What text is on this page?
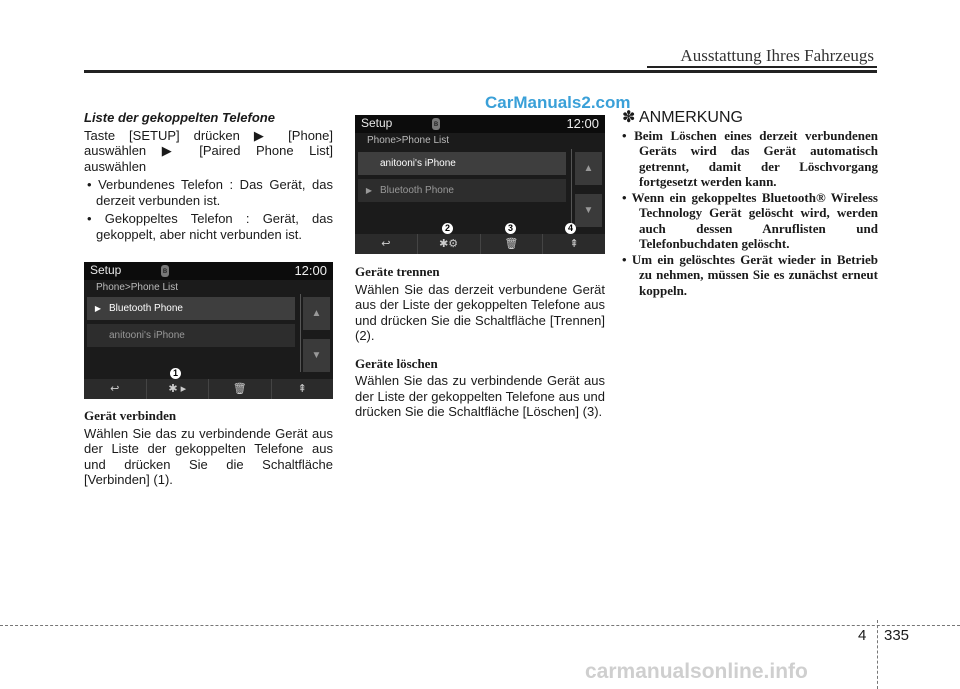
Ausstattung Ihres Fahrzeugs
CarManuals2.com
Liste der gekoppelten Telefone

Taste [SETUP] drücken ▶ [Phone] auswählen ▶ [Paired Phone List] auswählen

• Verbundenes Telefon : Das Gerät, das derzeit verbunden ist.
• Gekoppeltes Telefon : Gerät, das gekoppelt, aber nicht verbunden ist.
Setup	ʙ	12:00
Phone>Phone List
▶ Bluetooth Phone
anitooni's iPhone
▲
▼
1
↩	✱ ▸	🗑	⇞
Gerät verbinden

Wählen Sie das zu verbindende Gerät aus der Liste der gekoppelten Telefone aus und drücken Sie die Schaltfläche [Verbinden] (1).

Setup	ʙ	12:00
Phone>Phone List
anitooni's iPhone
▶ Bluetooth Phone
▲
▼
2	3	4
↩	✱⚙	🗑	⇞
Geräte trennen

Wählen Sie das derzeit verbundene Gerät aus der Liste der gekoppelten Telefone aus und drücken Sie die Schaltfläche [Trennen] (2).

Geräte löschen

Wählen Sie das zu verbindende Gerät aus der Liste der gekoppelten Telefone aus und drücken Sie die Schaltfläche [Löschen] (3).

✽ ANMERKUNG
• Beim Löschen eines derzeit verbundenen Geräts wird das Gerät automatisch getrennt, damit der Löschvorgang fortgesetzt werden kann.
• Wenn ein gekoppeltes Bluetooth® Wireless Technology Gerät gelöscht wird, werden auch dessen Anruflisten und Telefonbuchdaten gelöscht.
• Um ein gelöschtes Gerät wieder in Betrieb zu nehmen, müssen Sie es zunächst erneut koppeln.
4 335
carmanualsonline.info
